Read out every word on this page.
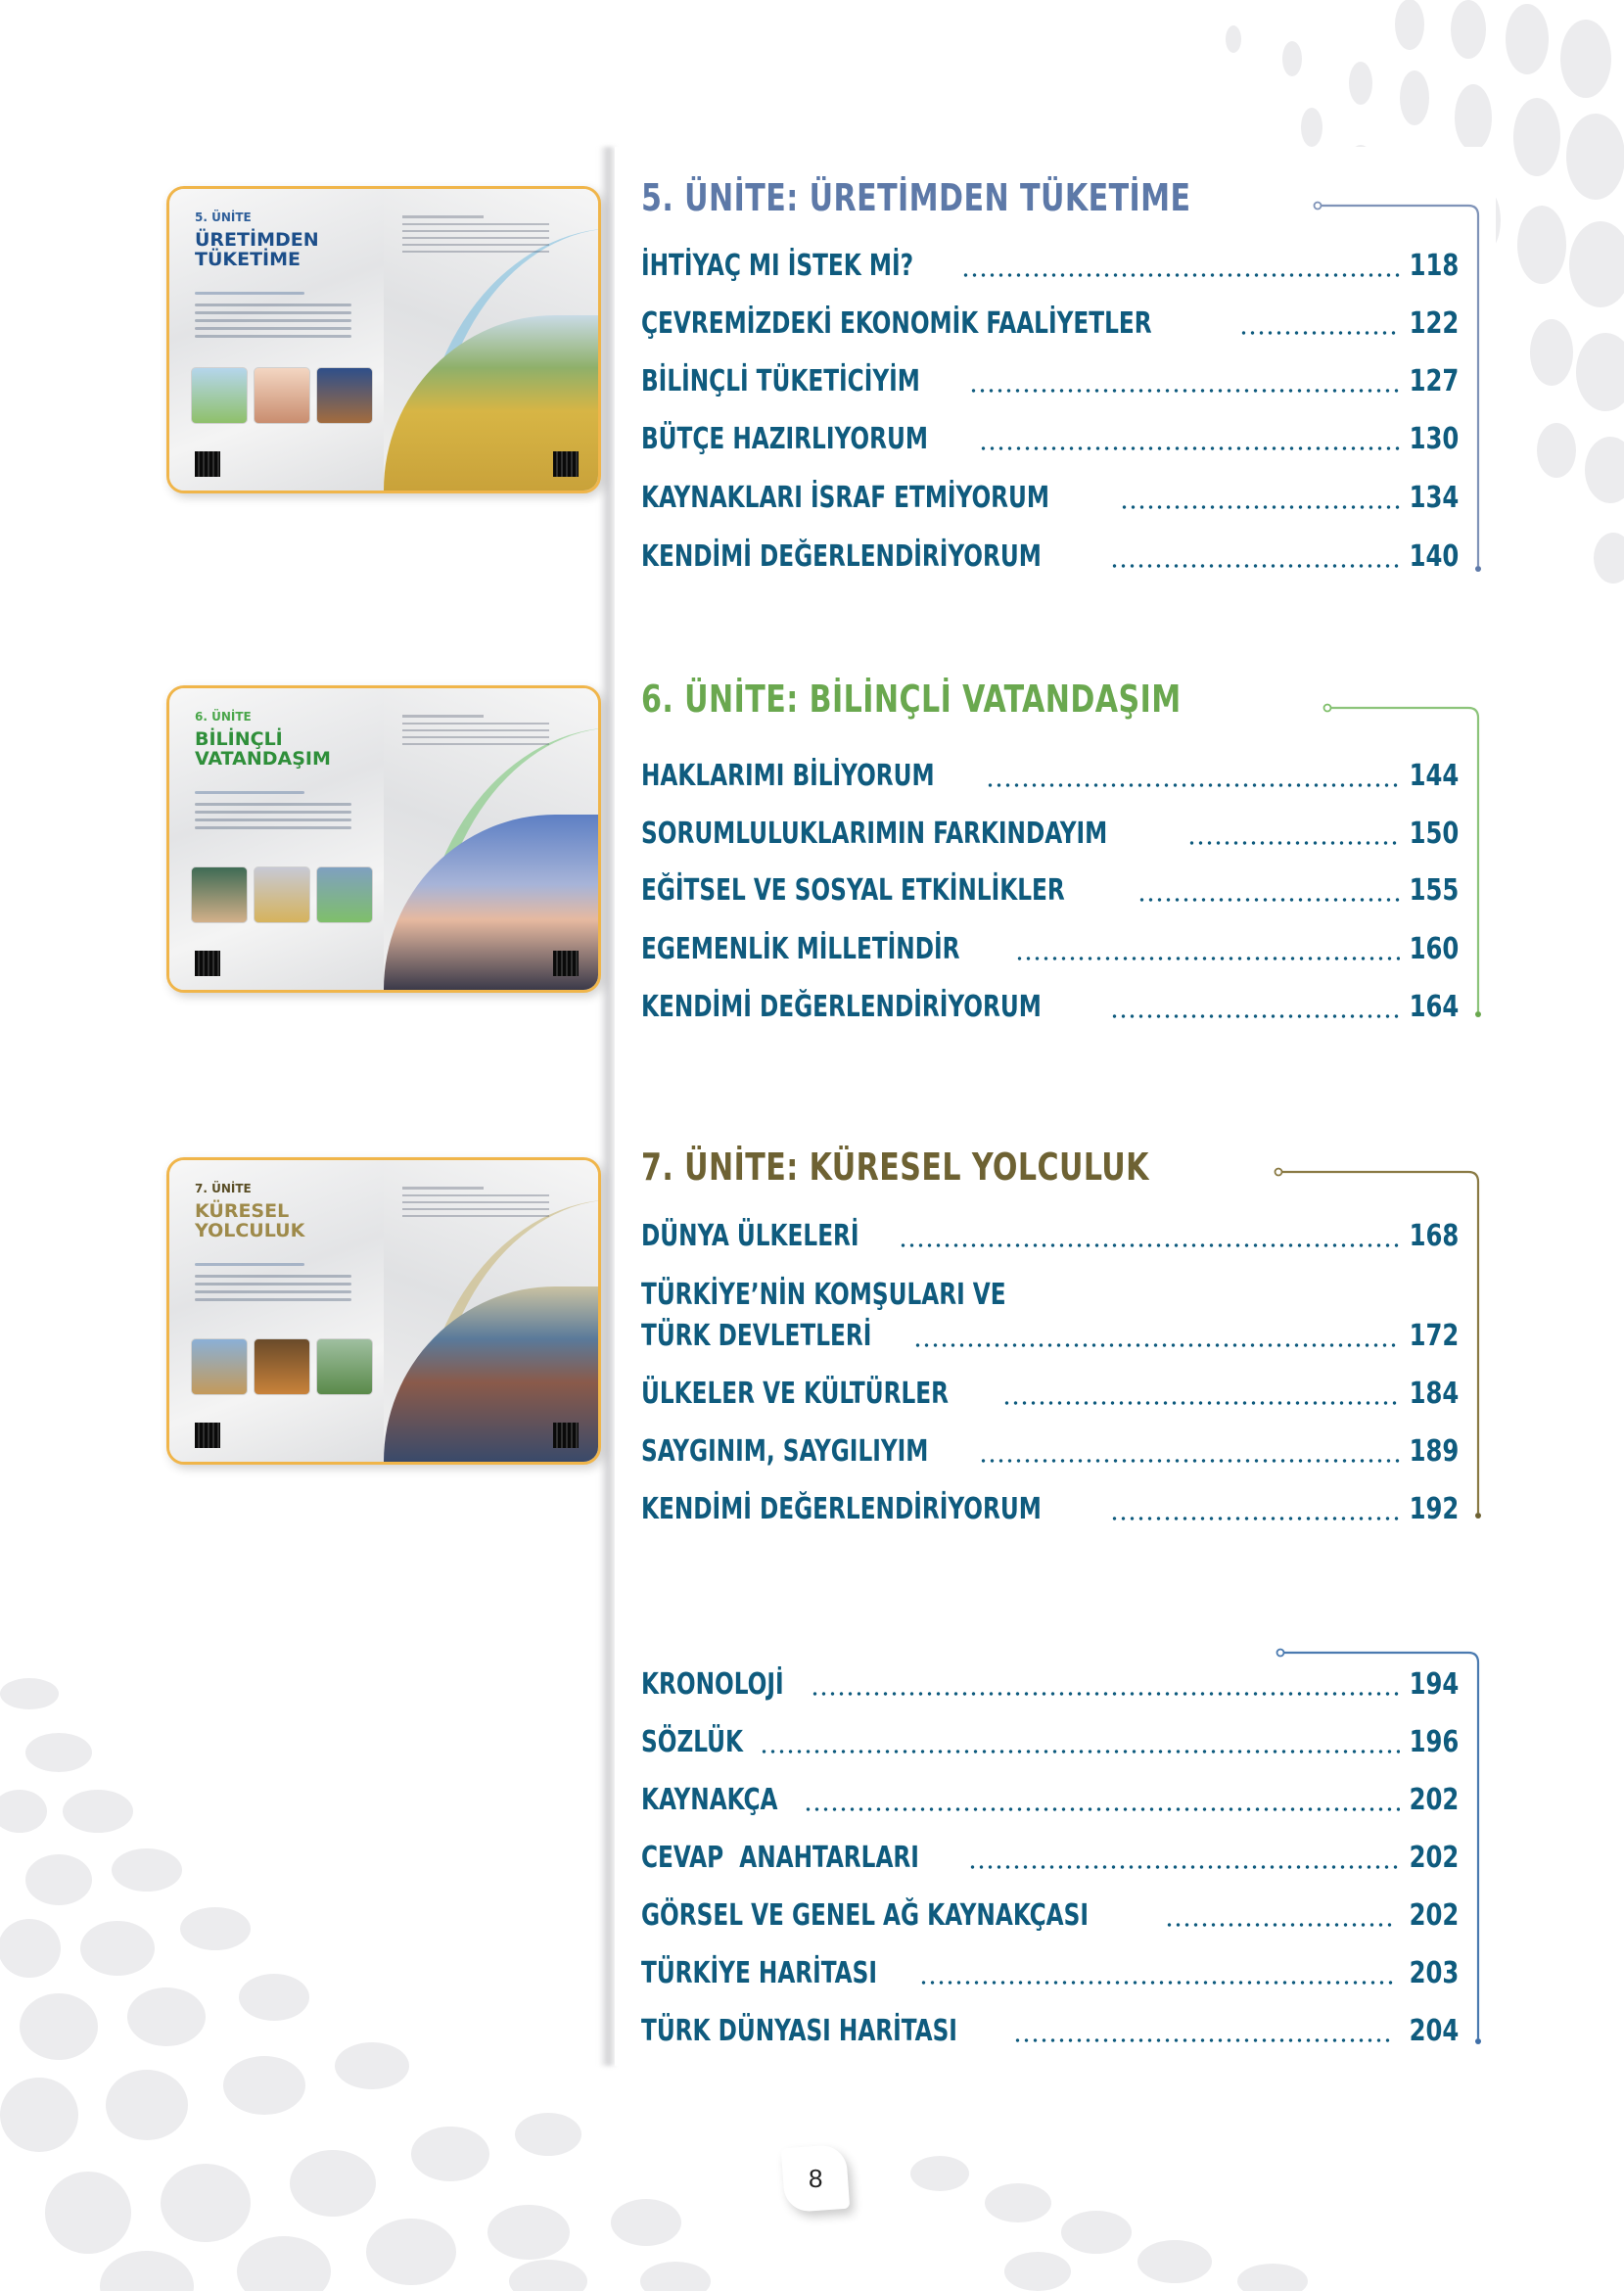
5. ÜNİTE
ÜRETİMDEN TÜKETİME
6. ÜNİTE
BİLİNÇLİ VATANDAŞIM
7. ÜNİTE
KÜRESEL YOLCULUK
5. ÜNİTE: ÜRETİMDEN TÜKETİME
İHTİYAÇ MI İSTEK Mİ?	118
ÇEVREMİZDEKİ EKONOMİK FAALİYETLER	122
BİLİNÇLİ TÜKETİCİYİM	127
BÜTÇE HAZIRLIYORUM	130
KAYNAKLARI İSRAF ETMİYORUM	134
KENDİMİ DEĞERLENDİRİYORUM	140
6. ÜNİTE: BİLİNÇLİ VATANDAŞIM
HAKLARIMI BİLİYORUM	144
SORUMLULUKLARIMIN FARKINDAYIM	150
EĞİTSEL VE SOSYAL ETKİNLİKLER	155
EGEMENLİK MİLLETİNDİR	160
KENDİMİ DEĞERLENDİRİYORUM	164
7. ÜNİTE: KÜRESEL YOLCULUK
DÜNYA ÜLKELERİ	168
TÜRKİYE’NİN KOMŞULARI VE
TÜRK DEVLETLERİ	172
ÜLKELER VE KÜLTÜRLER	184
SAYGINIM, SAYGILIYIM	189
KENDİMİ DEĞERLENDİRİYORUM	192
KRONOLOJİ	194
SÖZLÜK	196
KAYNAKÇA	202
CEVAP  ANAHTARLARI	202
GÖRSEL VE GENEL AĞ KAYNAKÇASI	202
TÜRKİYE HARİTASI	203
TÜRK DÜNYASI HARİTASI	204
8
